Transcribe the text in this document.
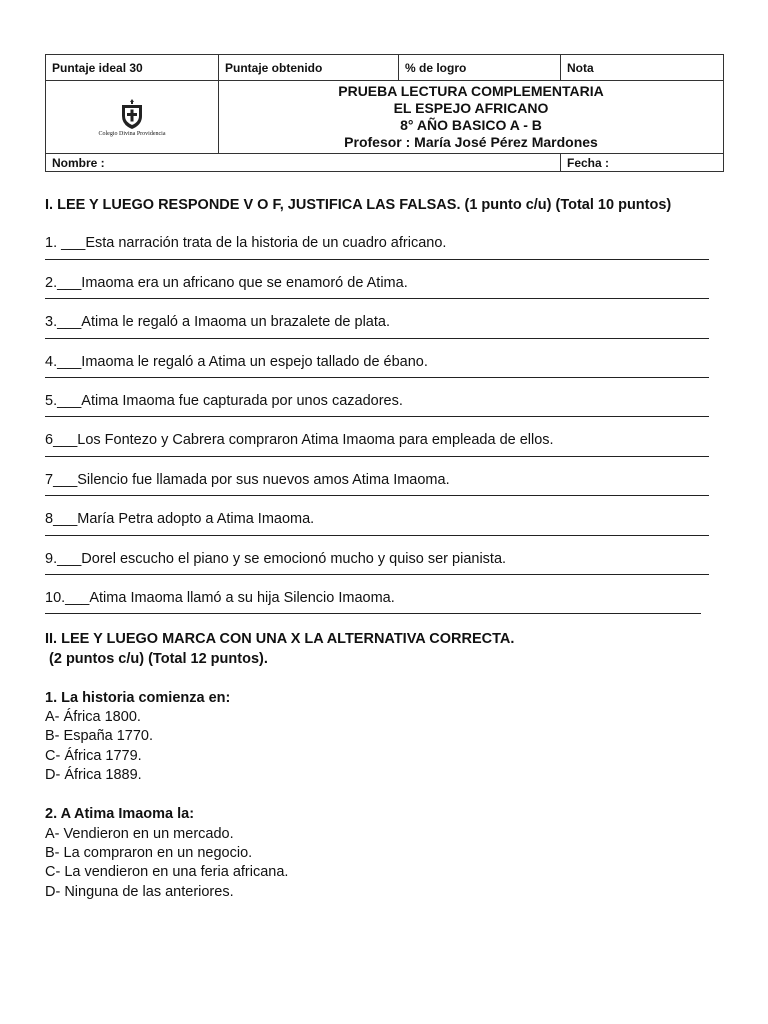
Puntaje ideal 30	Puntaje obtenido	% de logro	Nota

Colegio Divina Providencia	PRUEBA LECTURA COMPLEMENTARIA
EL ESPEJO AFRICANO
8° AÑO BASICO A - B
Profesor : María José Pérez Mardones		

Nombre :			Fecha :

I. LEE Y LUEGO RESPONDE V O F, JUSTIFICA LAS FALSAS. (1 punto c/u) (Total 10 puntos)

1. ___Esta narración trata de la historia de un cuadro africano.

2.___Imaoma era un africano que se enamoró de Atima.

3.___Atima le regaló a Imaoma un brazalete de plata.

4.___Imaoma le regaló a Atima un espejo tallado de ébano.

5.___Atima Imaoma fue capturada por unos cazadores.

6___Los Fontezo y Cabrera compraron Atima Imaoma para empleada de ellos.

7___Silencio fue llamada por sus nuevos amos Atima Imaoma.

8___María Petra adopto a Atima Imaoma.

9.___Dorel escucho el piano y se emocionó mucho y quiso ser pianista.

10.___Atima Imaoma llamó a su hija Silencio Imaoma.

II. LEE Y LUEGO MARCA CON UNA X LA ALTERNATIVA CORRECTA.

(2 puntos c/u) (Total 12 puntos).

1. La historia comienza en:

A- África 1800.

B- España 1770.

C- África 1779.

D- África 1889.

2. A Atima Imaoma la:

A- Vendieron en un mercado.

B- La compraron en un negocio.

C- La vendieron en una feria africana.

D- Ninguna de las anteriores.
